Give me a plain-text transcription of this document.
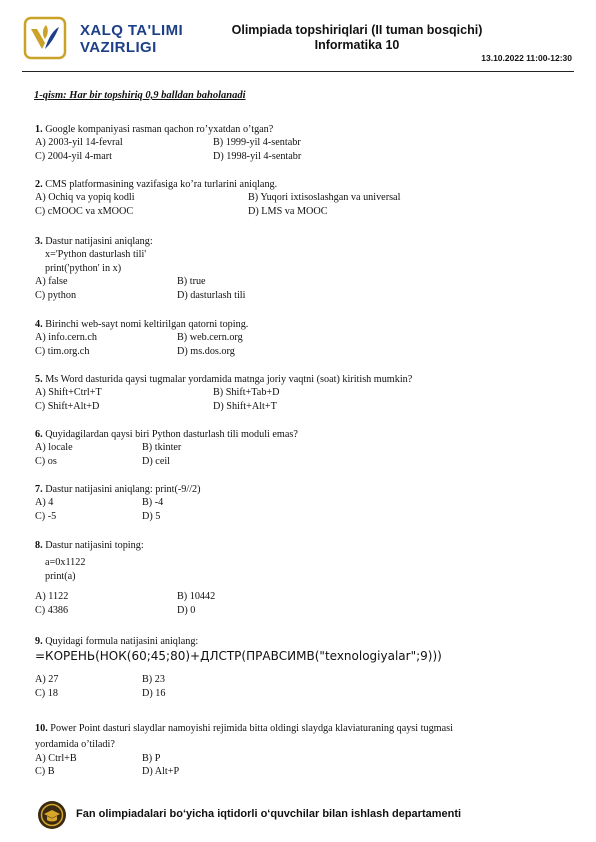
XALQ TA'LIMI
VAZIRLIGI
Olimpiada topshiriqlari (II tuman bosqichi)
Informatika 10
13.10.2022 11:00-12:30
1-qism: Har bir topshiriq 0,9 balldan baholanadi
1. Google kompaniyasi rasman qachon ro’yxatdan o’tgan?
A) 2003-yil 14-fevral	B) 1999-yil 4-sentabr
C) 2004-yil 4-mart	D) 1998-yil 4-sentabr
2. CMS platformasining vazifasiga ko’ra turlarini aniqlang.
A) Ochiq va yopiq kodli	B) Yuqori ixtisoslashgan va universal
C) cMOOC va xMOOC	D) LMS va MOOC
3. Dastur natijasini aniqlang:
x='Python dasturlash tili'
print('python' in x)
A) false	B) true
C) python	D) dasturlash tili
4. Birinchi web-sayt nomi keltirilgan qatorni toping.
A) info.cern.ch	B) web.cern.org
C) tim.org.ch	D) ms.dos.org
5. Ms Word dasturida qaysi tugmalar yordamida matnga joriy vaqtni (soat) kiritish mumkin?
A) Shift+Ctrl+T	B) Shift+Tab+D
C) Shift+Alt+D	D) Shift+Alt+T
6. Quyidagilardan qaysi biri Python dasturlash tili moduli emas?
A) locale	B) tkinter
C) os	D) ceil
7. Dastur natijasini aniqlang: print(-9//2)
A) 4	B) -4
C) -5	D) 5
8. Dastur natijasini toping:
a=0x1122
print(a)
A) 1122	B) 10442
C) 4386	D) 0
9. Quyidagi formula natijasini aniqlang:
=КОРЕНЬ(НОК(60;45;80)+ДЛСТР(ПРАВСИМВ("texnologiyalar";9)))
A) 27	B) 23
C) 18	D) 16
10. Power Point dasturi slaydlar namoyishi rejimida bitta oldingi slaydga klaviaturaning qaysi tugmasi
yordamida o’tiladi?
A) Ctrl+B	B) P
C) B	D) Alt+P
Fan olimpiadalari bo‘yicha iqtidorli o‘quvchilar bilan ishlash departamenti
